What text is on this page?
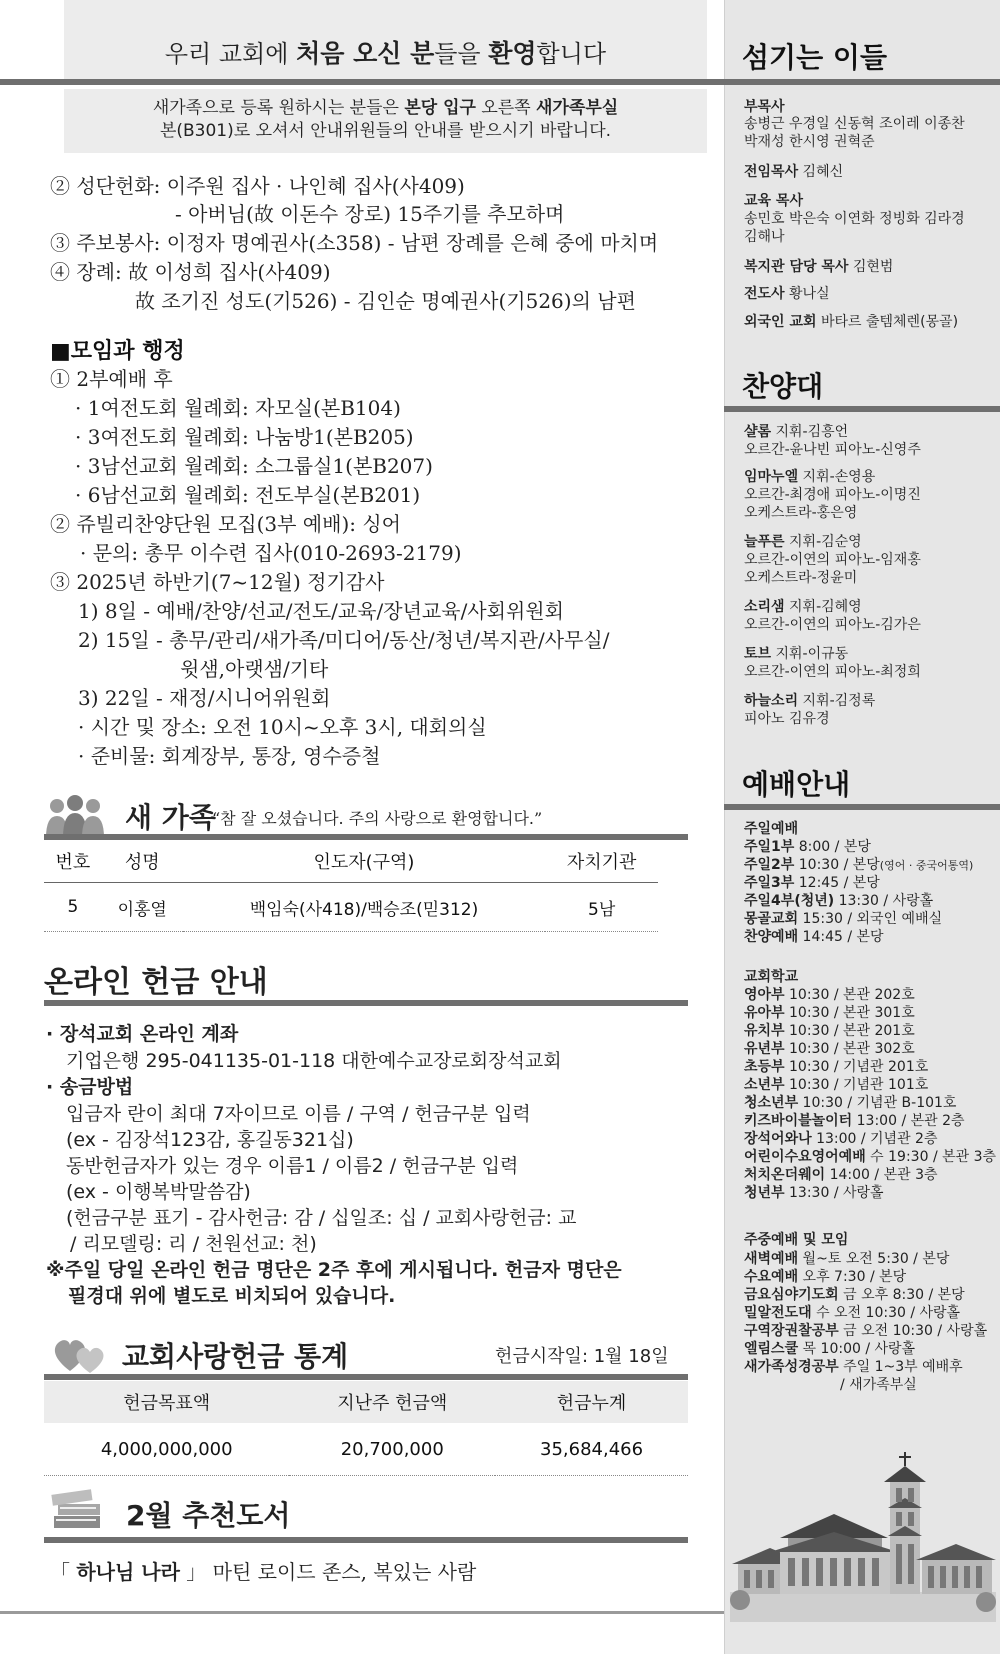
우리 교회에 처음 오신 분들을 환영합니다
새가족으로 등록 원하시는 분들은 본당 입구 오른쪽 새가족부실
본(B301)로 오셔서 안내위원들의 안내를 받으시기 바랍니다.
② 성단헌화: 이주원 집사 · 나인혜 집사(사409)
- 아버님(故 이돈수 장로) 15주기를 추모하며
③ 주보봉사: 이정자 명예권사(소358) - 남편 장례를 은혜 중에 마치며
④ 장례: 故 이성희 집사(사409)
故 조기진 성도(기526) - 김인순 명예권사(기526)의 남편
■모임과 행정
① 2부예배 후
· 1여전도회 월례회: 자모실(본B104)
· 3여전도회 월례회: 나눔방1(본B205)
· 3남선교회 월례회: 소그룹실1(본B207)
· 6남선교회 월례회: 전도부실(본B201)
② 쥬빌리찬양단원 모집(3부 예배): 싱어
· 문의: 총무 이수련 집사(010-2693-2179)
③ 2025년 하반기(7~12월) 정기감사
1) 8일 - 예배/찬양/선교/전도/교육/장년교육/사회위원회
2) 15일 - 총무/관리/새가족/미디어/동산/청년/복지관/사무실/
윗샘,아랫샘/기타
3) 22일 - 재정/시니어위원회
· 시간 및 장소: 오전 10시~오후 3시, 대회의실
· 준비물: 회계장부, 통장, 영수증철
새 가족
“참 잘 오셨습니다. 주의 사랑으로 환영합니다.”
번호	성명	인도자(구역)	자치기관
5	이홍열	백임숙(사418)/백승조(믿312)	5남
온라인 헌금 안내
· 장석교회 온라인 계좌
기업은행 295-041135-01-118 대한예수교장로회장석교회
· 송금방법
입금자 란이 최대 7자이므로 이름 / 구역 / 헌금구분 입력
(ex - 김장석123감, 홍길동321십)
동반헌금자가 있는 경우 이름1 / 이름2 / 헌금구분 입력
(ex - 이행복박말씀감)
(헌금구분 표기 - 감사헌금: 감 / 십일조: 십 / 교회사랑헌금: 교
/ 리모델링: 리 / 천원선교: 천)
※주일 당일 온라인 헌금 명단은 2주 후에 게시됩니다. 헌금자 명단은
필경대 위에 별도로 비치되어 있습니다.
교회사랑헌금 통계	헌금시작일: 1월 18일
헌금목표액	지난주 헌금액	헌금누계
4,000,000,000	20,700,000	35,684,466
2월 추천도서
「 하나님 나라 」 마틴 로이드 존스, 복있는 사람
섬기는 이들
부목사
송병근 우경일 신동혁 조이레 이종찬
박재성 한시영 권혁준
전임목사 김혜신
교육 목사
송민호 박은숙 이연화 정빙화 김라경
김해나
복지관 담당 목사 김현범
전도사 황나실
외국인 교회 바타르 출템체렌(몽골)
찬양대
샬롬 지휘-김흥언
오르간-윤나빈 피아노-신영주
임마누엘 지휘-손영용
오르간-최경애 피아노-이명진
오케스트라-홍은영
늘푸른 지휘-김순영
오르간-이연의 피아노-임재홍
오케스트라-정윤미
소리샘 지휘-김혜영
오르간-이연의 피아노-김가은
토브 지휘-이규동
오르간-이연의 피아노-최정희
하늘소리 지휘-김정록
피아노 김유경
예배안내
주일예배
주일1부 8:00 / 본당
주일2부 10:30 / 본당(영어 · 중국어통역)
주일3부 12:45 / 본당
주일4부(청년) 13:30 / 사랑홀
몽골교회 15:30 / 외국인 예배실
찬양예배 14:45 / 본당
교회학교
영아부 10:30 / 본관 202호
유아부 10:30 / 본관 301호
유치부 10:30 / 본관 201호
유년부 10:30 / 본관 302호
초등부 10:30 / 기념관 201호
소년부 10:30 / 기념관 101호
청소년부 10:30 / 기념관 B-101호
키즈바이블놀이터 13:00 / 본관 2층
장석어와나 13:00 / 기념관 2층
어린이수요영어예배 수 19:30 / 본관 3층
처치온더웨이 14:00 / 본관 3층
청년부 13:30 / 사랑홀
주중예배 및 모임
새벽예배 월~토 오전 5:30 / 본당
수요예배 오후 7:30 / 본당
금요심야기도회 금 오후 8:30 / 본당
밀알전도대 수 오전 10:30 / 사랑홀
구역장권찰공부 금 오전 10:30 / 사랑홀
엘림스쿨 목 10:00 / 사랑홀
새가족성경공부 주일 1~3부 예배후
/ 새가족부실
